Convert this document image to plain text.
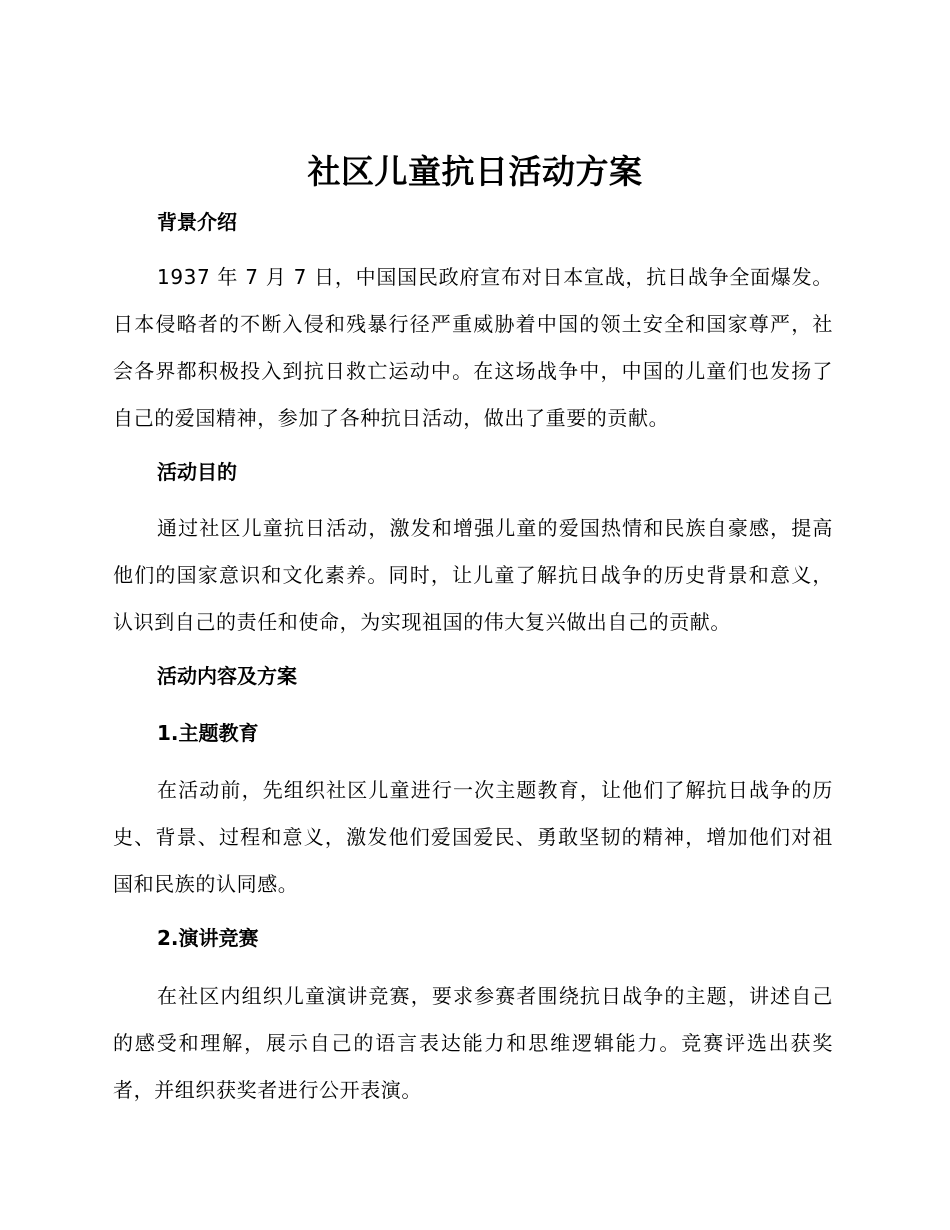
社区儿童抗日活动方案
背景介绍

1937 年 7 月 7 日，中国国民政府宣布对日本宣战，抗日战争全面爆发。日本侵略者的不断入侵和残暴行径严重威胁着中国的领土安全和国家尊严，社会各界都积极投入到抗日救亡运动中。在这场战争中，中国的儿童们也发扬了自己的爱国精神，参加了各种抗日活动，做出了重要的贡献。

活动目的

通过社区儿童抗日活动，激发和增强儿童的爱国热情和民族自豪感，提高他们的国家意识和文化素养。同时，让儿童了解抗日战争的历史背景和意义，认识到自己的责任和使命，为实现祖国的伟大复兴做出自己的贡献。

活动内容及方案
1.主题教育

在活动前，先组织社区儿童进行一次主题教育，让他们了解抗日战争的历史、背景、过程和意义，激发他们爱国爱民、勇敢坚韧的精神，增加他们对祖国和民族的认同感。

2.演讲竞赛

在社区内组织儿童演讲竞赛，要求参赛者围绕抗日战争的主题，讲述自己的感受和理解，展示自己的语言表达能力和思维逻辑能力。竞赛评选出获奖者，并组织获奖者进行公开表演。
